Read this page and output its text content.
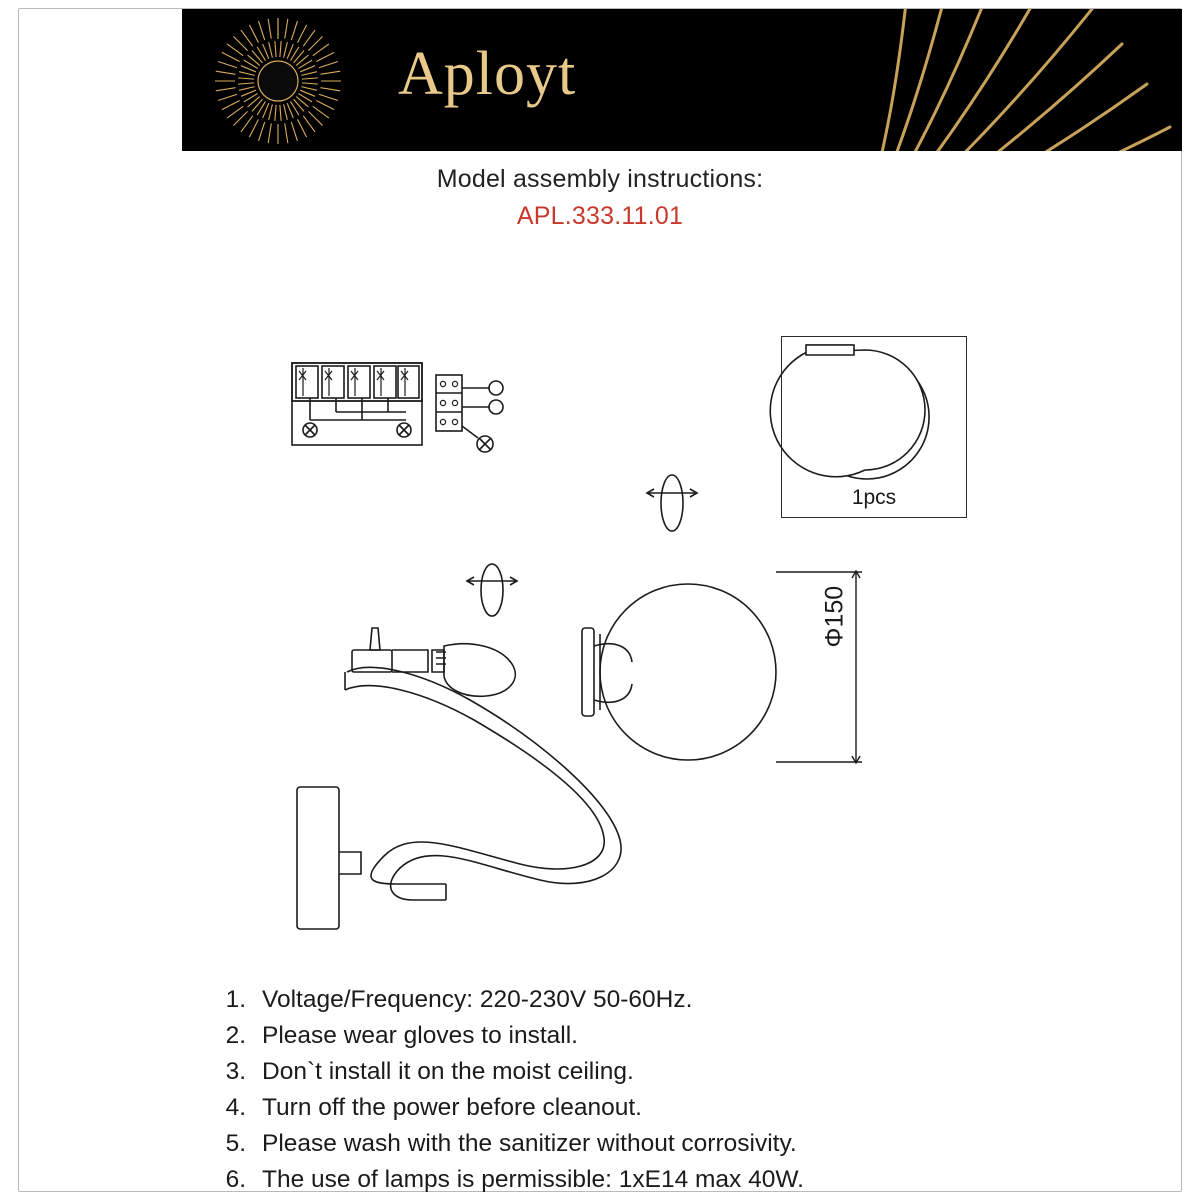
Aployt
Model assembly instructions:
APL.333.11.01
1pcs
Φ150
1. Voltage/Frequency: 220-230V 50-60Hz.
2. Please wear gloves to install.
3. Don`t install it on the moist ceiling.
4. Turn off the power before cleanout.
5. Please wash with the sanitizer without corrosivity.
6. The use of lamps is permissible: 1xE14 max 40W.
